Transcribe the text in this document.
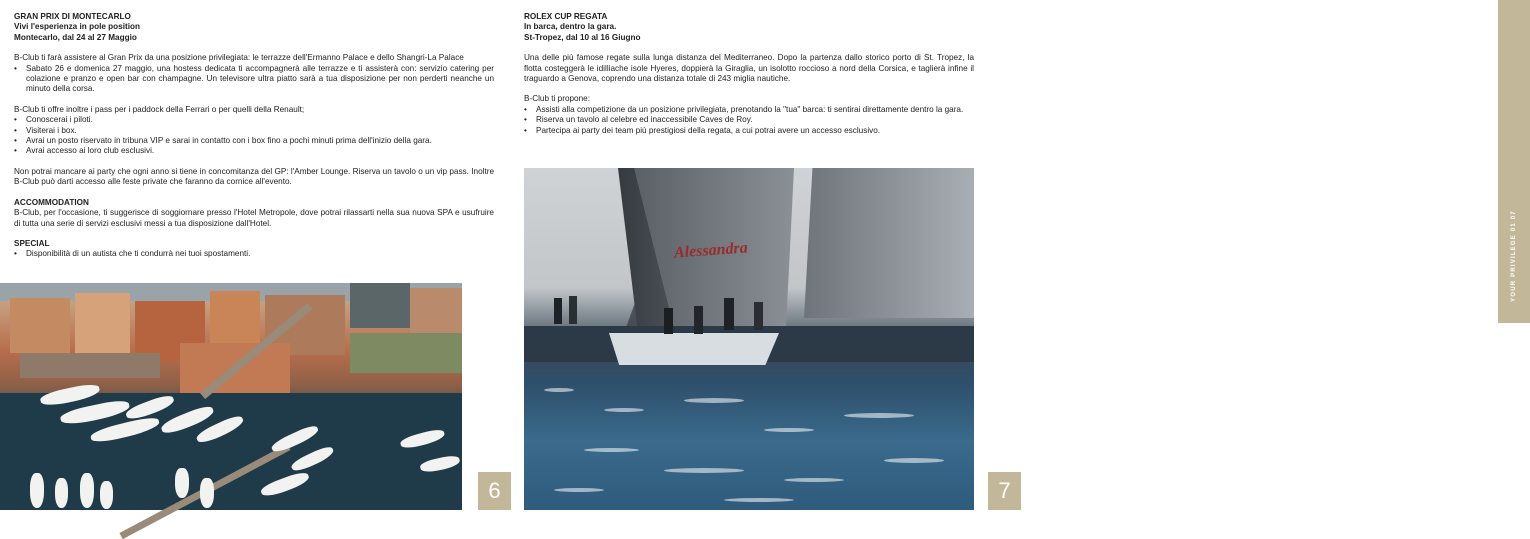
GRAN PRIX DI MONTECARLO
Vivi l'esperienza in pole position
Montecarlo, dal 24 al 27 Maggio

B-Club ti farà assistere al Gran Prix da una posizione privilegiata: le terrazze dell'Ermanno Palace e dello Shangri-La Palace

• Sabato 26 e domenica 27 maggio, una hostess dedicata ti accompagnerà alle terrazze e ti assisterà con: servizio catering per colazione e pranzo e open bar con champagne. Un televisore ultra piatto sarà a tua disposizione per non perderti neanche un minuto della corsa.

B-Club ti offre inoltre i pass per i paddock della Ferrari o per quelli della Renault;

• Conoscerai i piloti.
• Visiterai i box.
• Avrai un posto riservato in tribuna VIP e sarai in contatto con i box fino a pochi minuti prima dell'inizio della gara.
• Avrai accesso ai loro club esclusivi.

Non potrai mancare ai party che ogni anno si tiene in concomitanza del GP: l'Amber Lounge. Riserva un tavolo o un vip pass. Inoltre B-Club può darti accesso alle feste private che faranno da cornice all'evento.

ACCOMMODATION

B-Club, per l'occasione, ti suggerisce di soggiornare presso l'Hotel Metropole, dove potrai rilassarti nella sua nuova SPA e usufruire di tutta una serie di servizi esclusivi messi a tua disposizione dall'Hotel.

SPECIAL
• Disponibilità di un autista che ti condurrà nei tuoi spostamenti.
6
ROLEX CUP REGATA
In barca, dentro la gara.
St-Tropez, dal 10 al 16 Giugno

Una delle più famose regate sulla lunga distanza del Mediterraneo. Dopo la partenza dallo storico porto di St. Tropez, la flotta costeggerà le idilliache isole Hyeres, doppierà la Giraglia, un isolotto roccioso a nord della Corsica, e taglierà infine il traguardo a Genova, coprendo una distanza totale di 243 miglia nautiche.

B-Club ti propone:

• Assisti alla competizione da un posizione privilegiata, prenotando la "tua" barca: ti sentirai direttamente dentro la gara.
• Riserva un tavolo al celebre ed inaccessibile Caves de Roy.
• Partecipa ai party dei team più prestigiosi della regata, a cui potrai avere un accesso esclusivo.
Alessandra	YOUR PRIVILEGE 01 07
7
